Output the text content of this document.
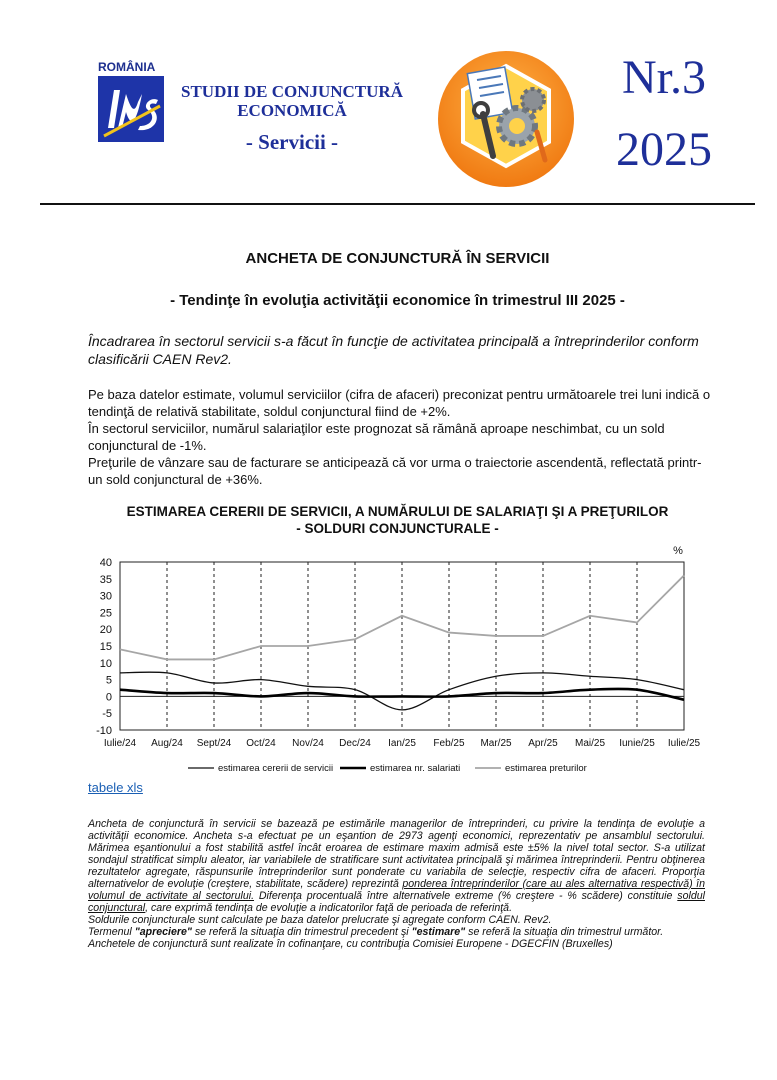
ROMÂNIA
STUDII DE CONJUNCTURĂ ECONOMICĂ
- Servicii -
Nr.3
2025
ANCHETA DE CONJUNCTURĂ ÎN SERVICII
- Tendinţe în evoluţia activităţii economice în trimestrul III 2025 -
Încadrarea în sectorul servicii s-a făcut în funcţie de activitatea principală a întreprinderilor conform clasificării CAEN Rev2.
Pe baza datelor estimate, volumul serviciilor (cifra de afaceri) preconizat pentru următoarele trei luni indică o tendinţă de relativă stabilitate, soldul conjunctural fiind de +2%.
În sectorul serviciilor, numărul salariaţilor este prognozat să rămână aproape neschimbat, cu un sold conjunctural de -1%.
Preţurile de vânzare sau de facturare se anticipează că vor urma o traiectorie ascendentă, reflectată printr-un sold conjunctural de +36%.
ESTIMAREA CERERII DE SERVICII, A NUMĂRULUI DE SALARIAŢI ŞI A PREŢURILOR
- SOLDURI CONJUNCTURALE -
-10
-5
0
5
10
15
20
25
30
35
40
Iulie/24 Aug/24 Sept/24 Oct/24 Nov/24 Dec/24 Ian/25 Feb/25 Mar/25 Apr/25 Mai/25 Iunie/25 Iulie/25
%
estimarea cererii de servicii	estimarea nr. salariati	estimarea preturilor
tabele xls
Ancheta de conjunctură în servicii se bazează pe estimările managerilor de întreprinderi, cu privire la tendinţa de evoluţie a activităţii economice. Ancheta s-a efectuat pe un eşantion de 2973 agenţi economici, reprezentativ pe ansamblul sectorului. Mărimea eşantionului a fost stabilită astfel încât eroarea de estimare maxim admisă este ±5% la nivel total sector. S-a utilizat sondajul stratificat simplu aleator, iar variabilele de stratificare sunt activitatea principală şi mărimea întreprinderii. Pentru obţinerea rezultatelor agregate, răspunsurile întreprinderilor sunt ponderate cu variabila de selecţie, respectiv cifra de afaceri. Proporţia alternativelor de evoluţie (creştere, stabilitate, scădere) reprezintă ponderea întreprinderilor (care au ales alternativa respectivă) în volumul de activitate al sectorului. Diferenţa procentuală între alternativele extreme (% creştere - % scădere) constituie soldul conjunctural, care exprimă tendinţa de evoluţie a indicatorilor faţă de perioada de referinţă.
Soldurile conjuncturale sunt calculate pe baza datelor prelucrate şi agregate conform CAEN. Rev2.
Termenul "apreciere" se referă la situaţia din trimestrul precedent şi "estimare" se referă la situaţia din trimestrul următor.
Anchetele de conjunctură sunt realizate în cofinanţare, cu contribuţia Comisiei Europene - DGECFIN (Bruxelles)
